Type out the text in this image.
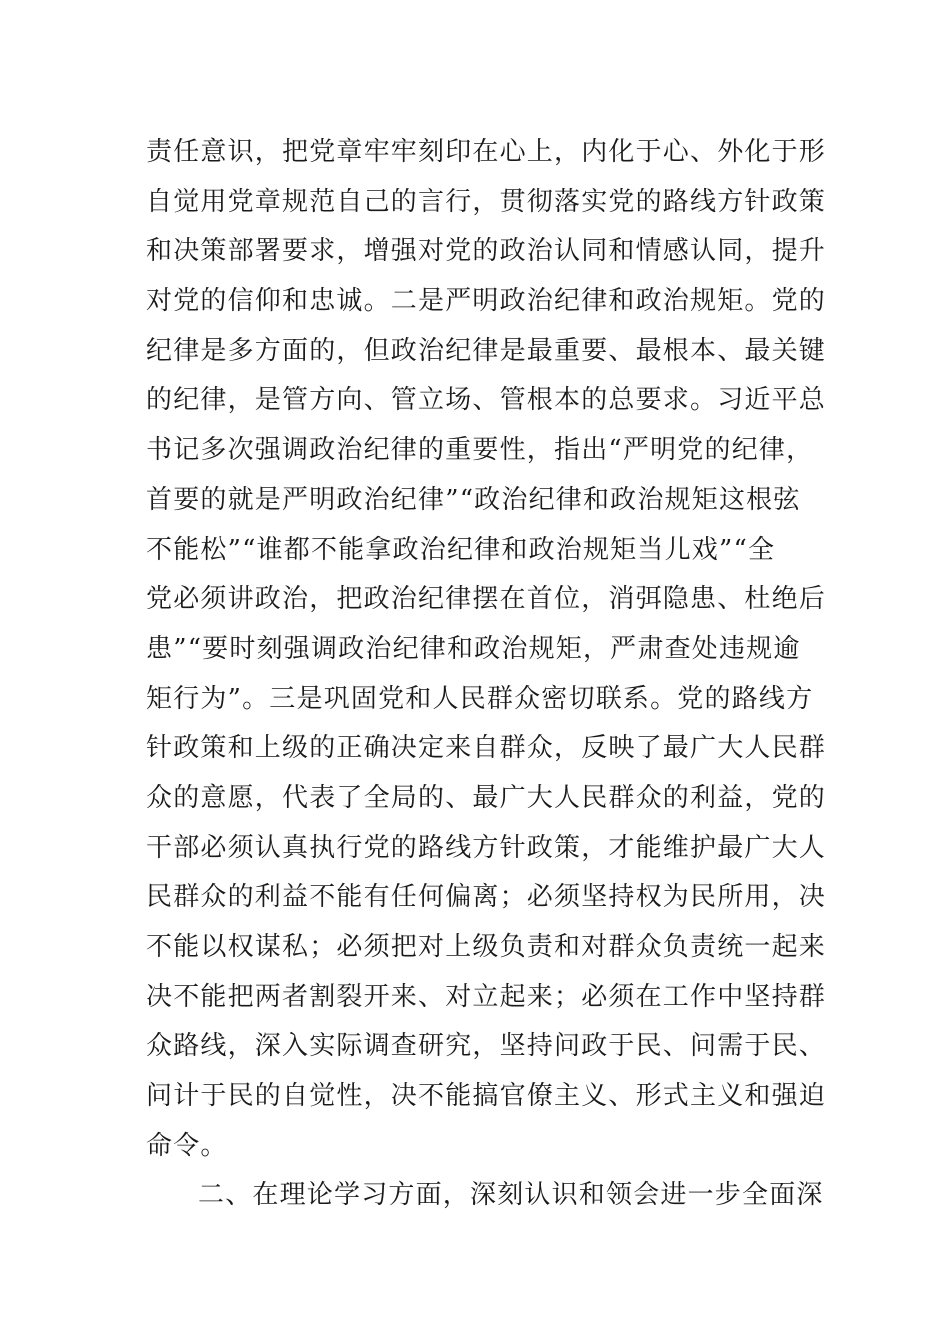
责任意识，把党章牢牢刻印在心上，内化于心、外化于形
自觉用党章规范自己的言行，贯彻落实党的路线方针政策
和决策部署要求，增强对党的政治认同和情感认同，提升
对党的信仰和忠诚。二是严明政治纪律和政治规矩。党的
纪律是多方面的，但政治纪律是最重要、最根本、最关键
的纪律，是管方向、管立场、管根本的总要求。习近平总
书记多次强调政治纪律的重要性，指出“严明党的纪律，
首要的就是严明政治纪律”“政治纪律和政治规矩这根弦
不能松”“谁都不能拿政治纪律和政治规矩当儿戏”“全
党必须讲政治，把政治纪律摆在首位，消弭隐患、杜绝后
患”“要时刻强调政治纪律和政治规矩，严肃查处违规逾
矩行为”。三是巩固党和人民群众密切联系。党的路线方
针政策和上级的正确决定来自群众，反映了最广大人民群
众的意愿，代表了全局的、最广大人民群众的利益，党的
干部必须认真执行党的路线方针政策，才能维护最广大人
民群众的利益不能有任何偏离；必须坚持权为民所用，决
不能以权谋私；必须把对上级负责和对群众负责统一起来
决不能把两者割裂开来、对立起来；必须在工作中坚持群
众路线，深入实际调查研究，坚持问政于民、问需于民、
问计于民的自觉性，决不能搞官僚主义、形式主义和强迫
命令。
二、在理论学习方面，深刻认识和领会进一步全面深
